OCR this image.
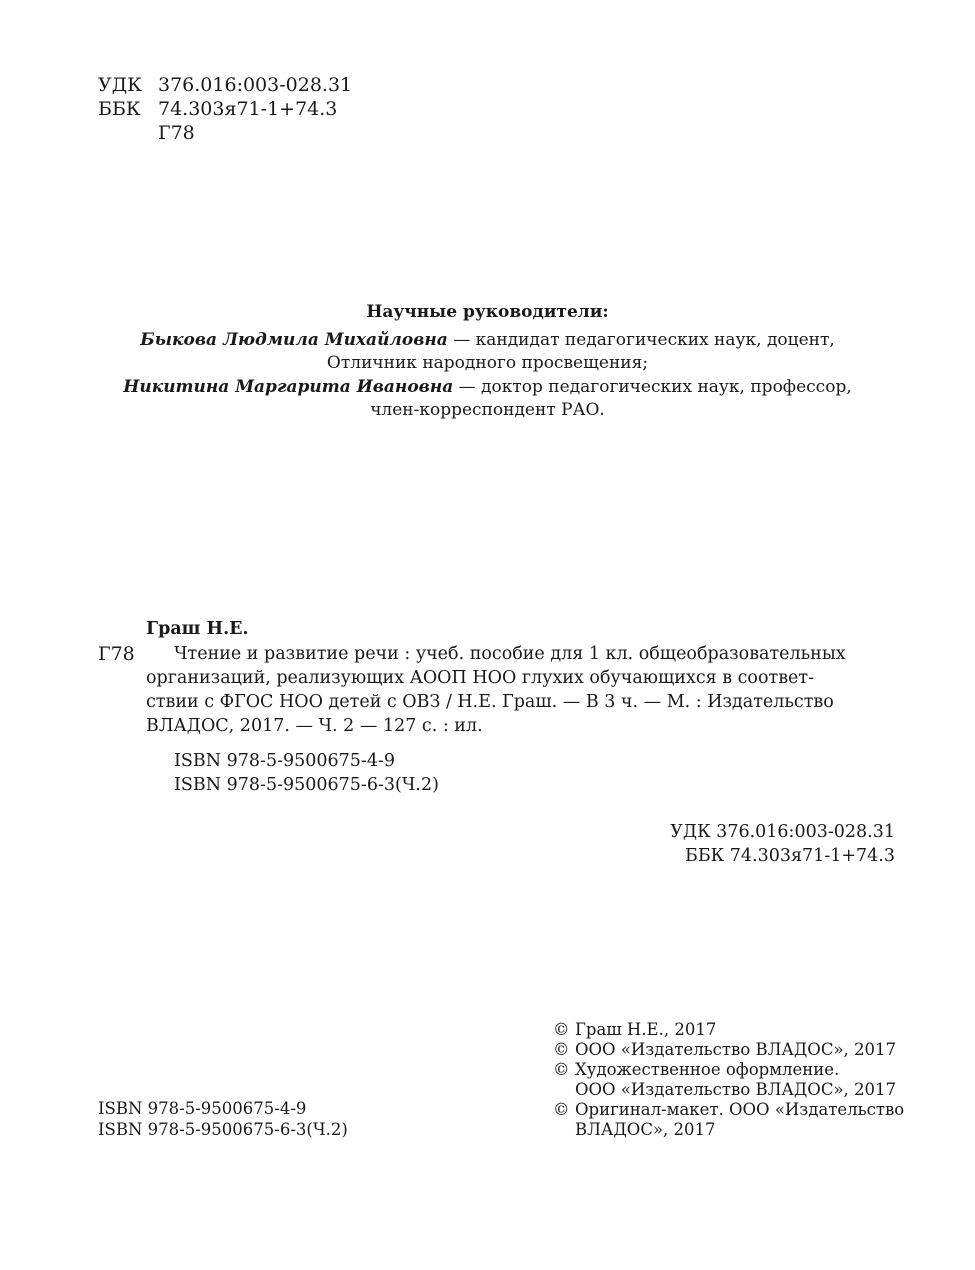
УДК 376.016:003-028.31
ББК 74.303я71-1+74.3
Г78
Научные руководители:
Быкова Людмила Михайловна — кандидат педагогических наук, доцент,
Отличник народного просвещения;
Никитина Маргарита Ивановна — доктор педагогических наук, профессор,
член-корреспондент РАО.
Граш Н.Е.
Г78 Чтение и развитие речи : учеб. пособие для 1 кл. общеобразовательных
организаций, реализующих АООП НОО глухих обучающихся в соответ-
ствии с ФГОС НОО детей с ОВЗ / Н.Е. Граш. — В 3 ч. — М. : Издательство
ВЛАДОС, 2017. — Ч. 2 — 127 с. : ил.
ISBN 978-5-9500675-4-9
ISBN 978-5-9500675-6-3(Ч.2)
УДК 376.016:003-028.31
ББК 74.303я71-1+74.3
© Граш Н.Е., 2017
© ООО «Издательство ВЛАДОС», 2017
© Художественное оформление.
ООО «Издательство ВЛАДОС», 2017
© Оригинал-макет. ООО «Издательство
ВЛАДОС», 2017
ISBN 978-5-9500675-4-9
ISBN 978-5-9500675-6-3(Ч.2)
